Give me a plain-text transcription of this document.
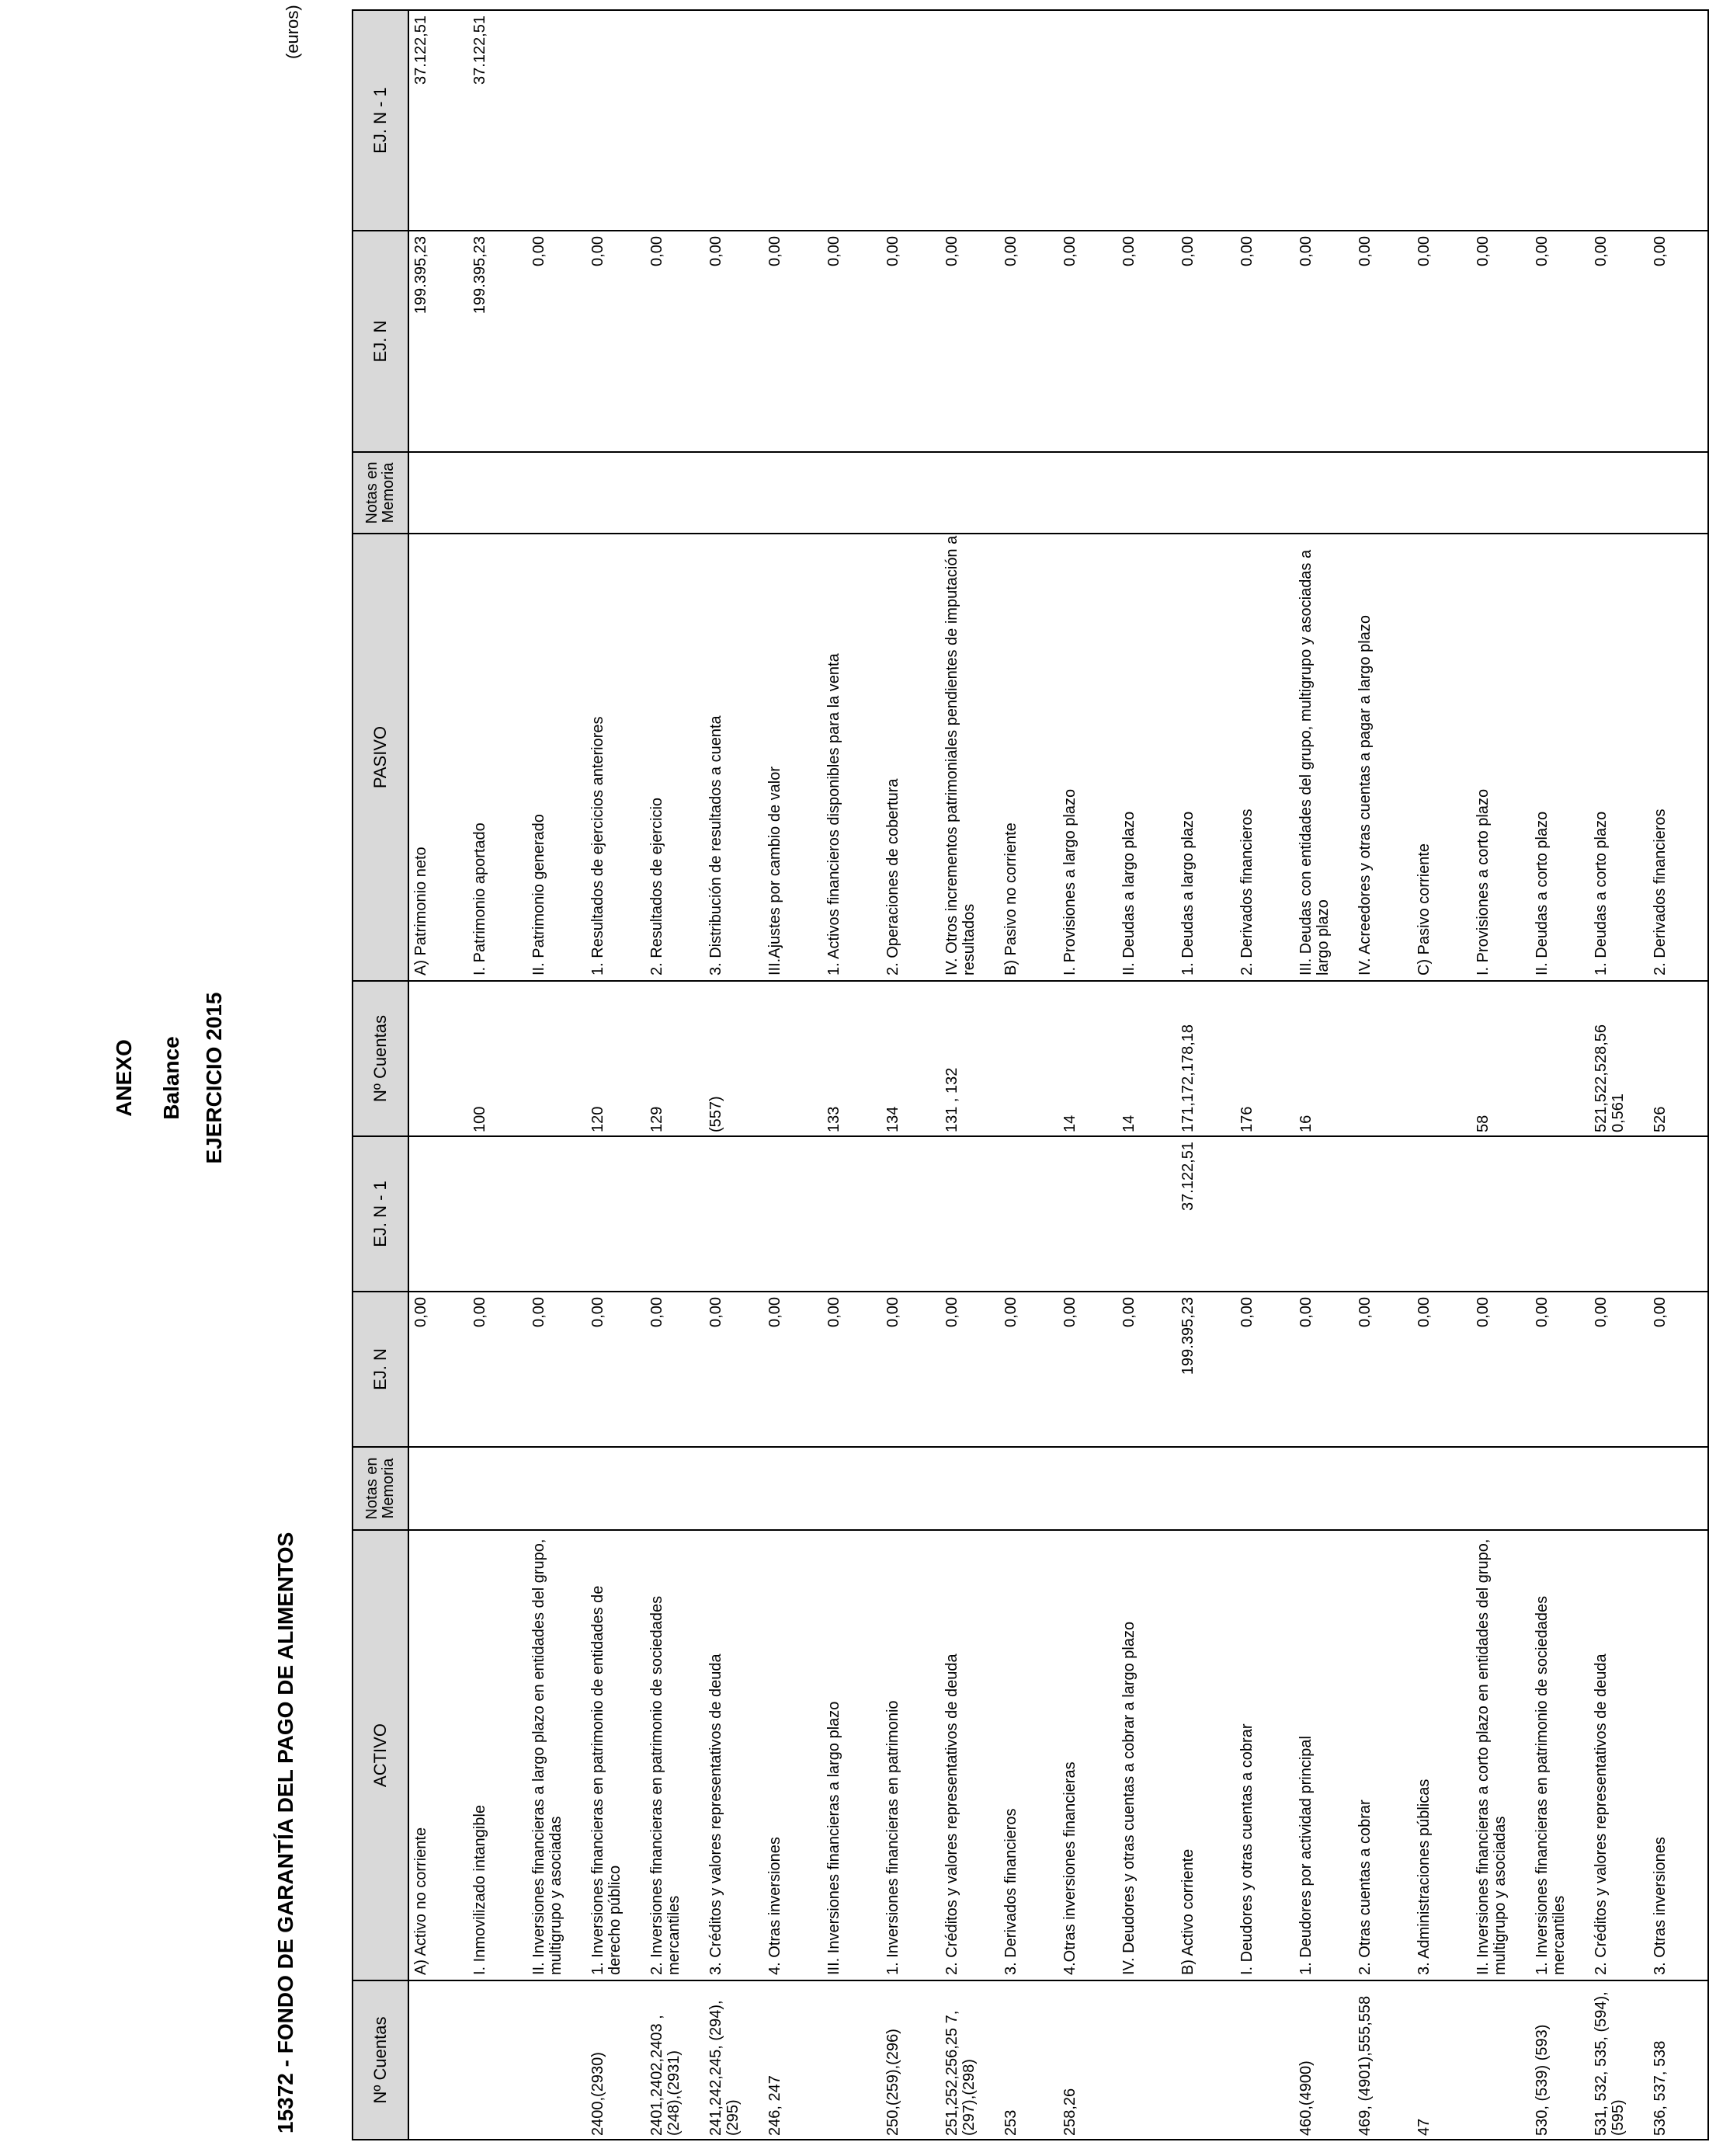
ANEXO Balance EJERCICIO 2015
15372 - FONDO DE GARANTÍA DEL PAGO DE ALIMENTOS
(euros)
Nº Cuentas	ACTIVO	Notas en Memoria	EJ. N	EJ. N - 1	Nº Cuentas	PASIVO	Notas en Memoria	EJ. N	EJ. N - 1
	A) Activo no corriente		0,00			A) Patrimonio neto		199.395,23	37.122,51
	I. Inmovilizado intangible		0,00		100	I. Patrimonio aportado		199.395,23	37.122,51
	II. Inversiones financieras a largo plazo en entidades del grupo, multigrupo y asociadas		0,00			II. Patrimonio generado		0,00	
2400,(2930)	1. Inversiones financieras en patrimonio de entidades de derecho público		0,00		120	1. Resultados de ejercicios anteriores		0,00	
2401,2402,2403 ,(248),(2931)	2. Inversiones financieras en patrimonio de sociedades mercantiles		0,00		129	2. Resultados de ejercicio		0,00	
241,242,245, (294),(295)	3. Créditos y valores representativos de deuda		0,00		(557)	3. Distribución de resultados a cuenta		0,00	
246, 247	4. Otras inversiones		0,00			III.Ajustes por cambio de valor		0,00	
	III. Inversiones financieras a largo plazo		0,00		133	1. Activos financieros disponibles para la venta		0,00	
250,(259),(296)	1. Inversiones financieras en patrimonio		0,00		134	2. Operaciones de cobertura		0,00	
251,252,256,25 7,(297),(298)	2. Créditos y valores representativos de deuda		0,00		131 , 132	IV. Otros incrementos patrimoniales pendientes de imputación a resultados		0,00	
253	3. Derivados financieros		0,00			B) Pasivo no corriente		0,00	
258,26	4.Otras inversiones financieras		0,00		14	I. Provisiones a largo plazo		0,00	
	IV. Deudores y otras cuentas a cobrar a largo plazo		0,00		14	II. Deudas a largo plazo		0,00	
	B) Activo corriente		199.395,23	37.122,51	171,172,178,18	1. Deudas a largo plazo		0,00	
	I. Deudores y otras cuentas a cobrar		0,00		176	2. Derivados financieros		0,00	
460,(4900)	1. Deudores por actividad principal		0,00		16	III. Deudas con entidades del grupo, multigrupo y asociadas a largo plazo		0,00	
469, (4901),555,558	2. Otras cuentas a cobrar		0,00			IV. Acreedores y otras cuentas a pagar a largo plazo		0,00	
47	3. Administraciones públicas		0,00			C) Pasivo corriente		0,00	
	II. Inversiones financieras a corto plazo en entidades del grupo, multigrupo y asociadas		0,00		58	I. Provisiones a corto plazo		0,00	
530, (539) (593)	1. Inversiones financieras en patrimonio de sociedades mercantiles		0,00			II. Deudas a corto plazo		0,00	
531, 532, 535, (594), (595)	2. Créditos y valores representativos de deuda		0,00		521,522,528,56 0,561	1. Deudas a corto plazo		0,00	
536, 537, 538	3. Otras inversiones		0,00		526	2. Derivados financieros		0,00	
